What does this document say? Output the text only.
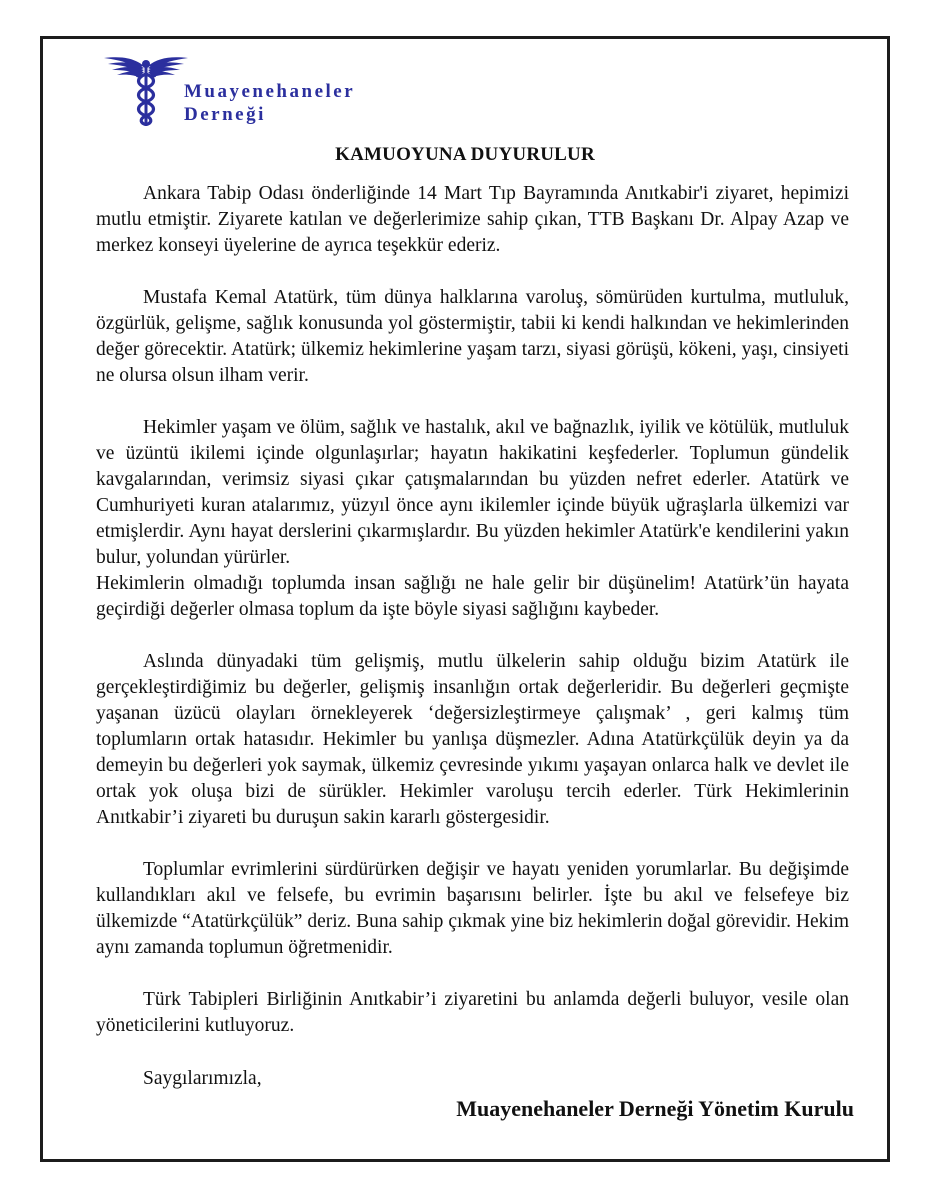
Muayenehaneler
Derneği
KAMUOYUNA DUYURULUR

Ankara Tabip Odası önderliğinde 14 Mart Tıp Bayramında Anıtkabir'i ziyaret, hepimizi mutlu etmiştir. Ziyarete katılan ve değerlerimize sahip çıkan, TTB Başkanı Dr. Alpay Azap ve merkez konseyi üyelerine de ayrıca teşekkür ederiz.

Mustafa Kemal Atatürk, tüm dünya halklarına varoluş, sömürüden kurtulma, mutluluk, özgürlük, gelişme, sağlık konusunda yol göstermiştir, tabii ki kendi halkından ve hekimlerinden değer görecektir. Atatürk; ülkemiz hekimlerine yaşam tarzı, siyasi görüşü, kökeni, yaşı, cinsiyeti ne olursa olsun ilham verir.

Hekimler yaşam ve ölüm, sağlık ve hastalık, akıl ve bağnazlık, iyilik ve kötülük, mutluluk ve üzüntü ikilemi içinde olgunlaşırlar; hayatın hakikatini keşfederler. Toplumun gündelik kavgalarından, verimsiz siyasi çıkar çatışmalarından bu yüzden nefret ederler. Atatürk ve Cumhuriyeti kuran atalarımız, yüzyıl önce aynı ikilemler içinde büyük uğraşlarla ülkemizi var etmişlerdir. Aynı hayat derslerini çıkarmışlardır. Bu yüzden hekimler Atatürk'e kendilerini yakın bulur, yolundan yürürler.

Hekimlerin olmadığı toplumda insan sağlığı ne hale gelir bir düşünelim! Atatürk’ün hayata geçirdiği değerler olmasa toplum da işte böyle siyasi sağlığını kaybeder.

Aslında dünyadaki tüm gelişmiş, mutlu ülkelerin sahip olduğu bizim Atatürk ile gerçekleştirdiğimiz bu değerler, gelişmiş insanlığın ortak değerleridir. Bu değerleri geçmişte yaşanan üzücü olayları örnekleyerek ‘değersizleştirmeye çalışmak’ , geri kalmış tüm toplumların ortak hatasıdır. Hekimler bu yanlışa düşmezler. Adına Atatürkçülük deyin ya da demeyin bu değerleri yok saymak, ülkemiz çevresinde yıkımı yaşayan onlarca halk ve devlet ile ortak yok oluşa bizi de sürükler. Hekimler varoluşu tercih ederler. Türk Hekimlerinin Anıtkabir’i ziyareti bu duruşun sakin kararlı göstergesidir.

Toplumlar evrimlerini sürdürürken değişir ve hayatı yeniden yorumlarlar. Bu değişimde kullandıkları akıl ve felsefe, bu evrimin başarısını belirler. İşte bu akıl ve felsefeye biz ülkemizde “Atatürkçülük” deriz. Buna sahip çıkmak yine biz hekimlerin doğal görevidir. Hekim aynı zamanda toplumun öğretmenidir.

Türk Tabipleri Birliğinin Anıtkabir’i ziyaretini bu anlamda değerli buluyor, vesile olan yöneticilerini kutluyoruz.

Saygılarımızla,
Muayenehaneler Derneği Yönetim Kurulu
